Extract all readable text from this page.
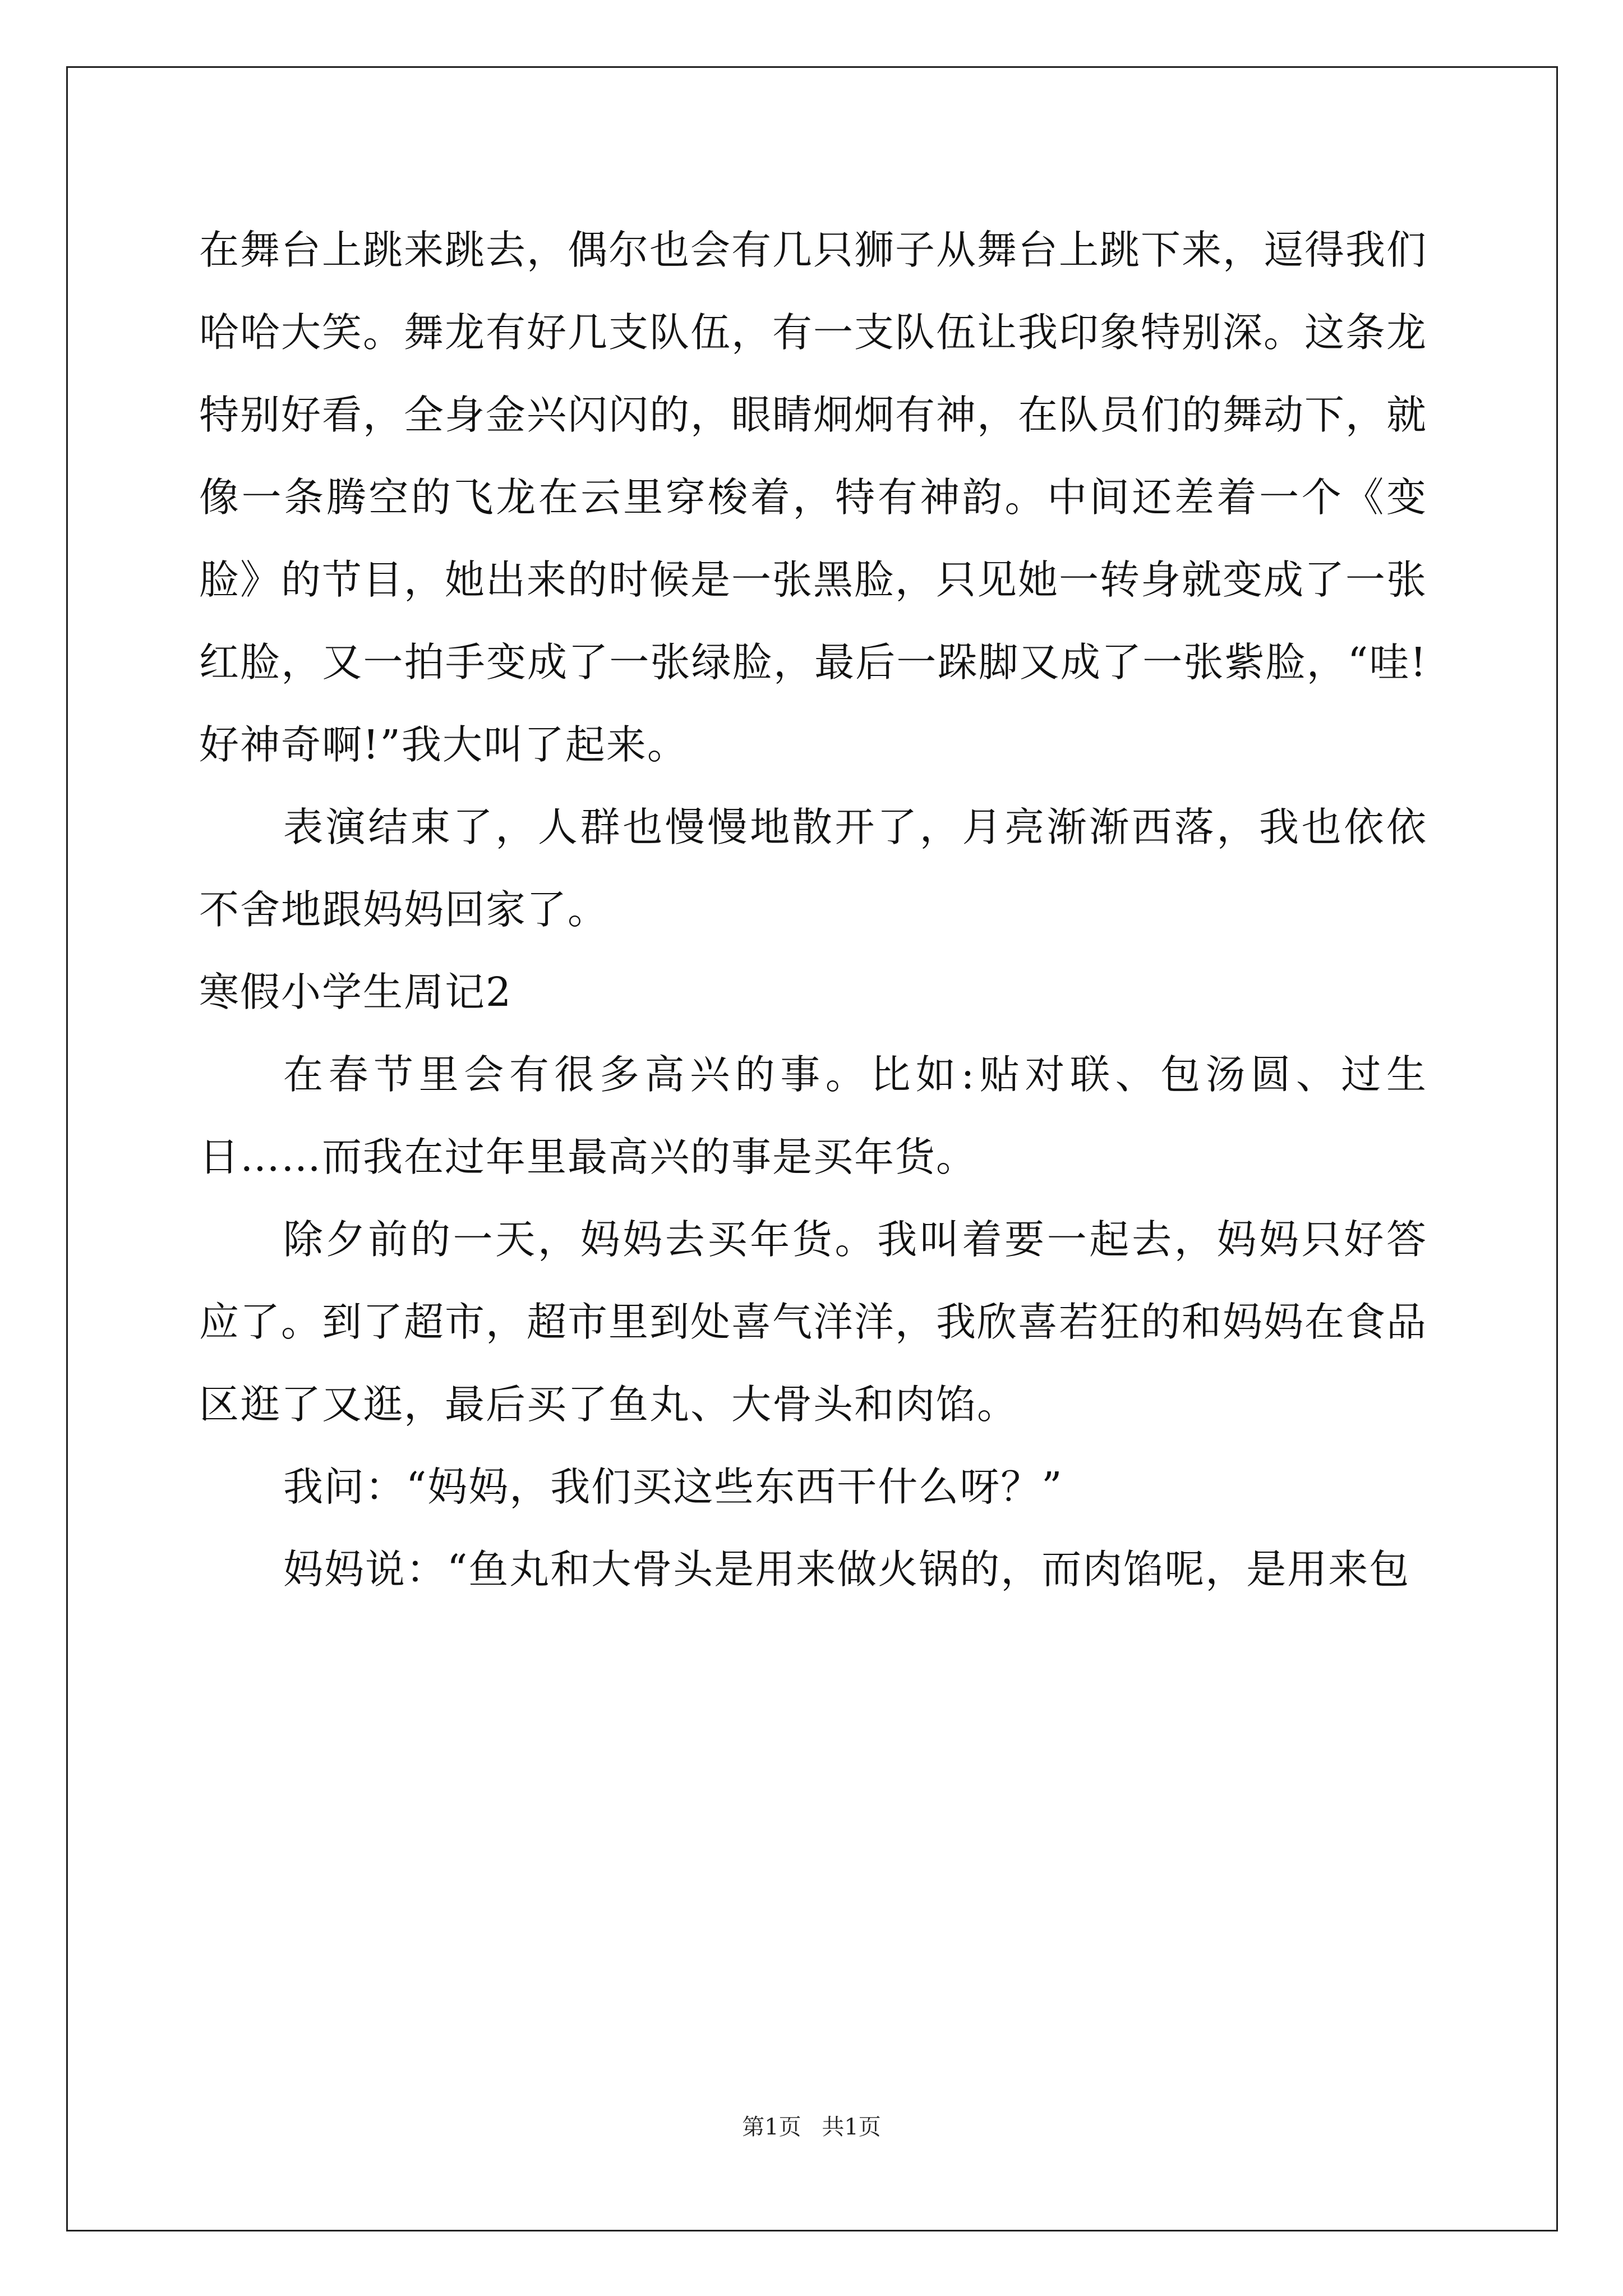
在舞台上跳来跳去，偶尔也会有几只狮子从舞台上跳下来，逗得我们哈哈大笑。舞龙有好几支队伍，有一支队伍让我印象特别深。这条龙特别好看，全身金兴闪闪的，眼睛炯炯有神，在队员们的舞动下，就像一条腾空的飞龙在云里穿梭着，特有神韵。中间还差着一个《变脸》的节目，她出来的时候是一张黑脸，只见她一转身就变成了一张红脸，又一拍手变成了一张绿脸，最后一跺脚又成了一张紫脸，“哇!好神奇啊!”我大叫了起来。

表演结束了，人群也慢慢地散开了，月亮渐渐西落，我也依依不舍地跟妈妈回家了。

寒假小学生周记2

在春节里会有很多高兴的事。比如:贴对联、包汤圆、过生日……而我在过年里最高兴的事是买年货。

除夕前的一天，妈妈去买年货。我叫着要一起去，妈妈只好答应了。到了超市，超市里到处喜气洋洋，我欣喜若狂的和妈妈在食品区逛了又逛，最后买了鱼丸、大骨头和肉馅。

我问：“妈妈，我们买这些东西干什么呀？”

妈妈说：“鱼丸和大骨头是用来做火锅的，而肉馅呢，是用来包

第1页 共1页
